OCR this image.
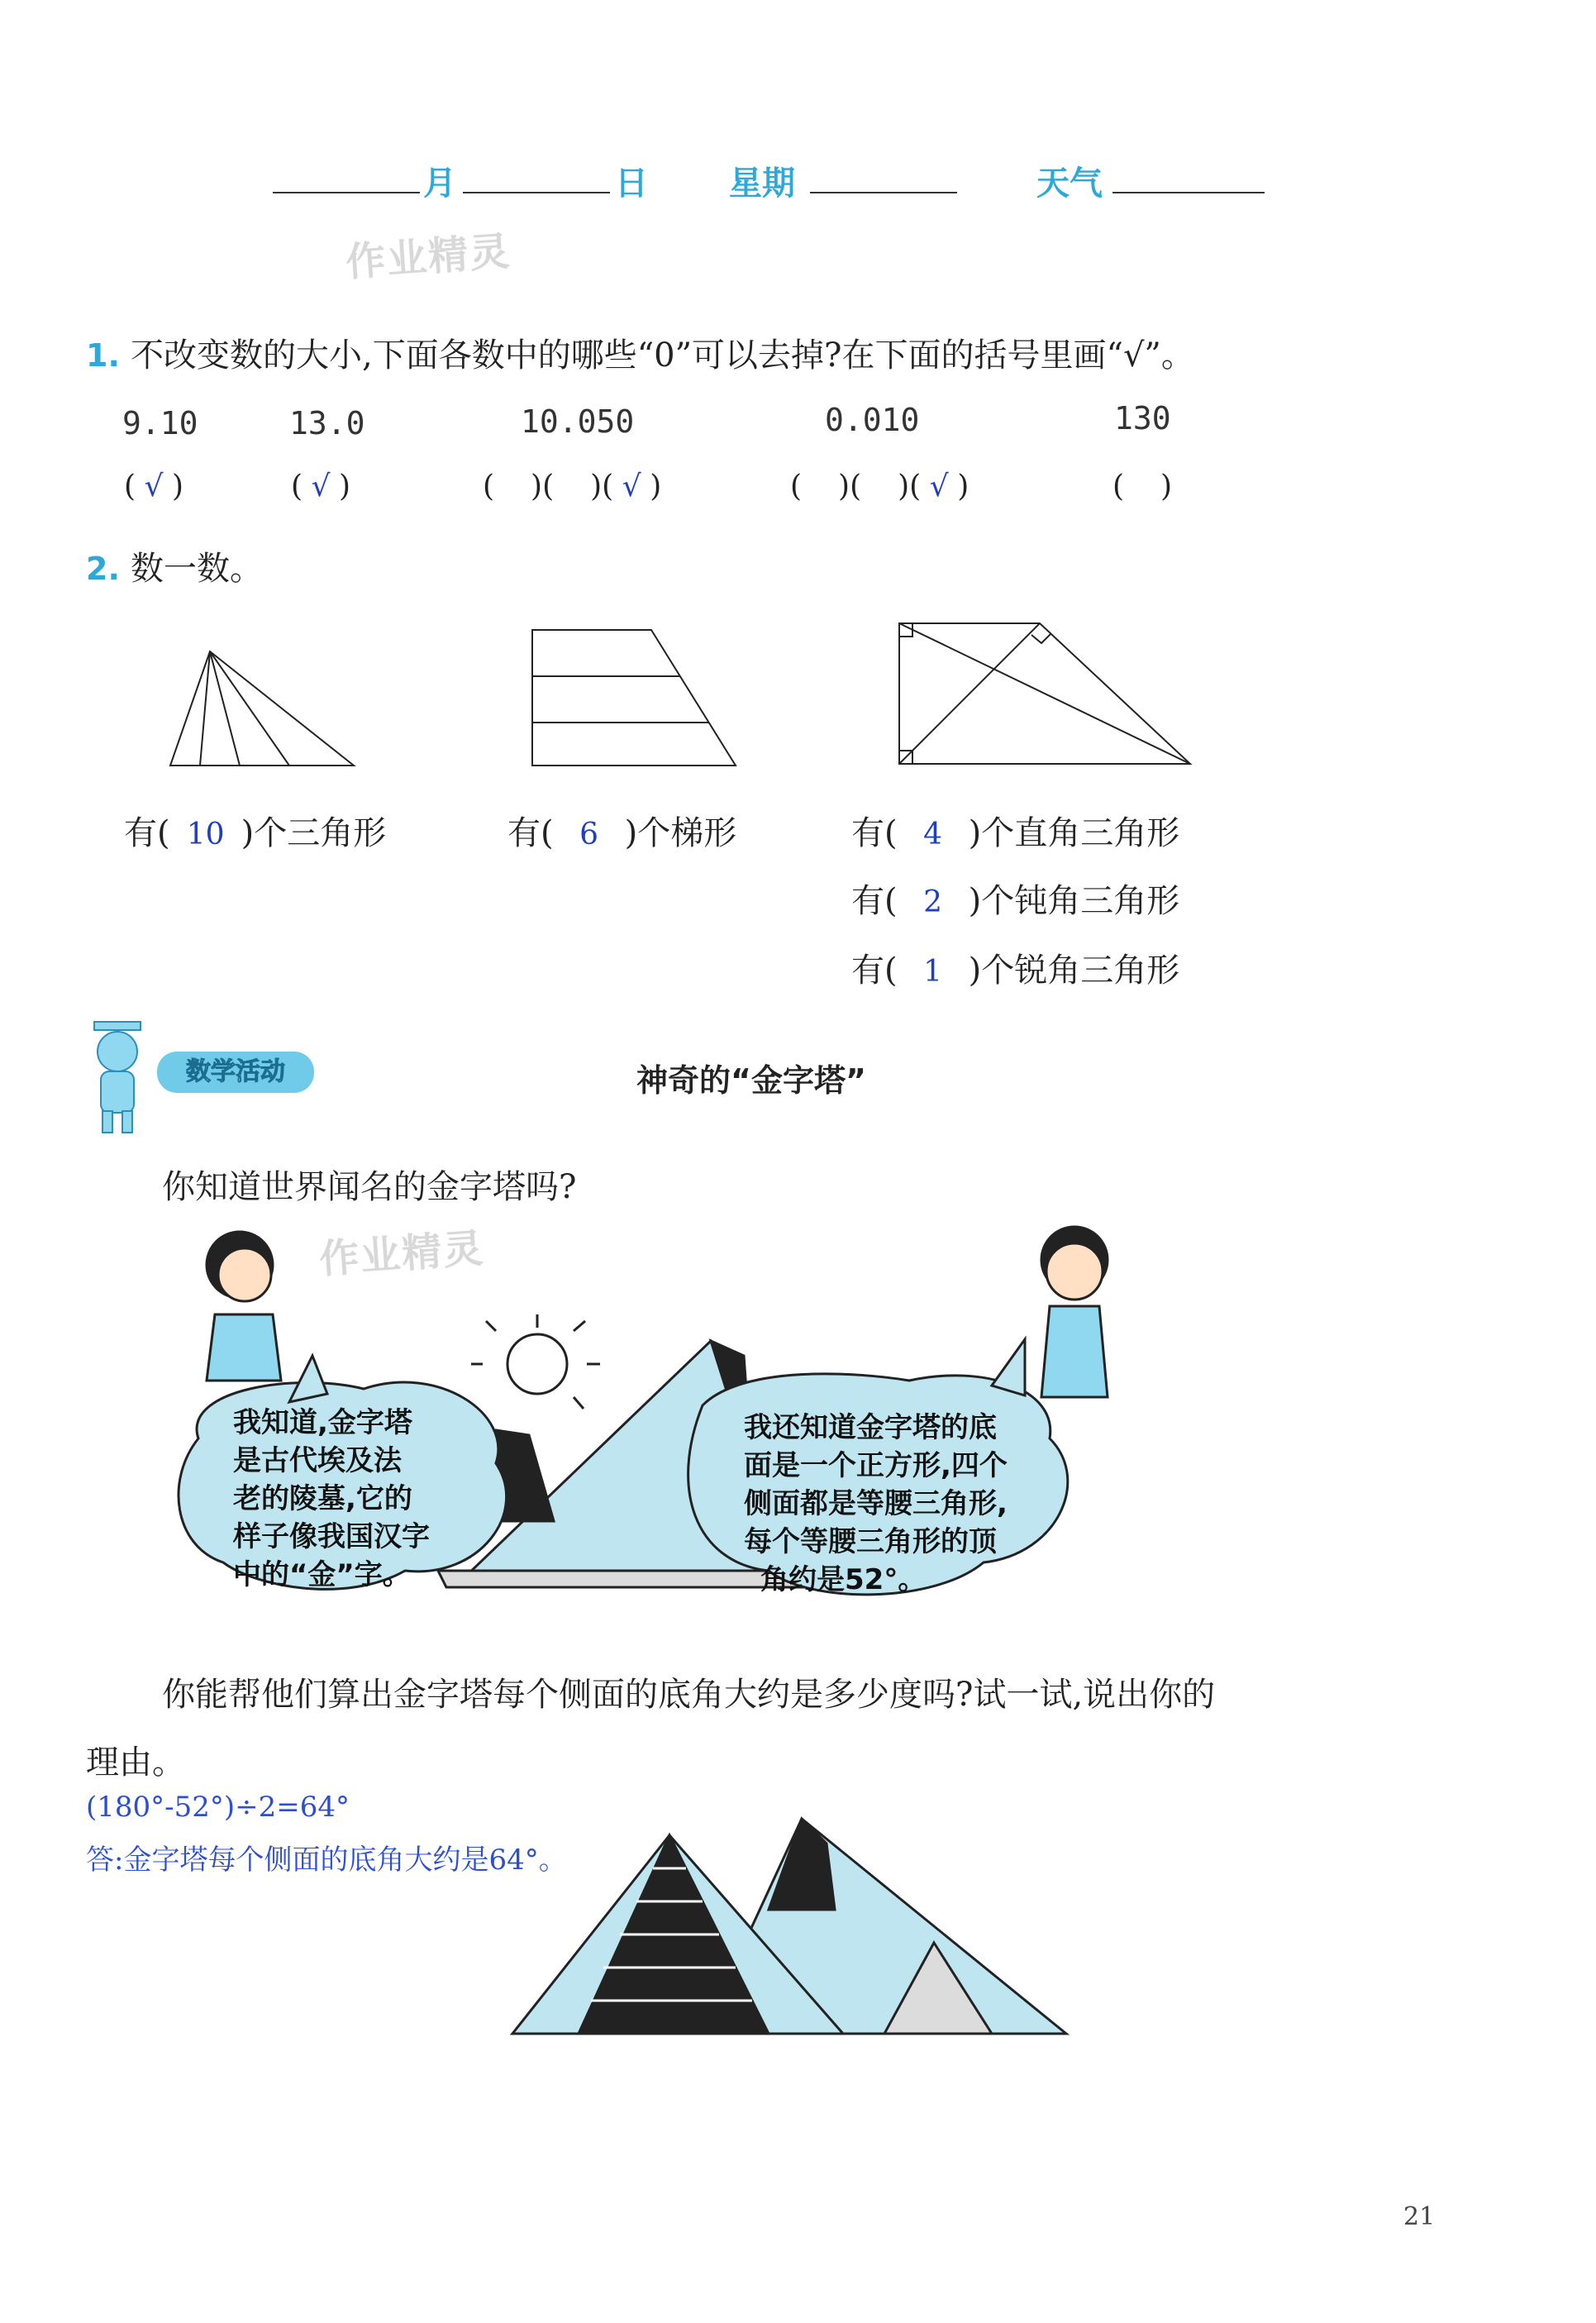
月	日 星期	天气
作业精灵
1. 不改变数的大小,下面各数中的哪些“0”可以去掉?在下面的括号里画“√”。
9.10	13.0	10.050	0.010	130
( √ )	( √ )	( )( )( √ )	( )( )( √ )	( )
2. 数一数。
有( 10 )个三角形	有( 6 )个梯形	有( 4 )个直角三角形
有( 2 )个钝角三角形
有( 1 )个锐角三角形
数学活动	神奇的“金字塔”
你知道世界闻名的金字塔吗?
作业精灵
我知道,金字塔
是古代埃及法
老的陵墓,它的
样子像我国汉字
中的“金”字。
我还知道金字塔的底
面是一个正方形,四个
侧面都是等腰三角形,
每个等腰三角形的顶
角约是52°。
你能帮他们算出金字塔每个侧面的底角大约是多少度吗?试一试,说出你的
理由。
(180°-52°)÷2=64°
答:金字塔每个侧面的底角大约是64°。
21
